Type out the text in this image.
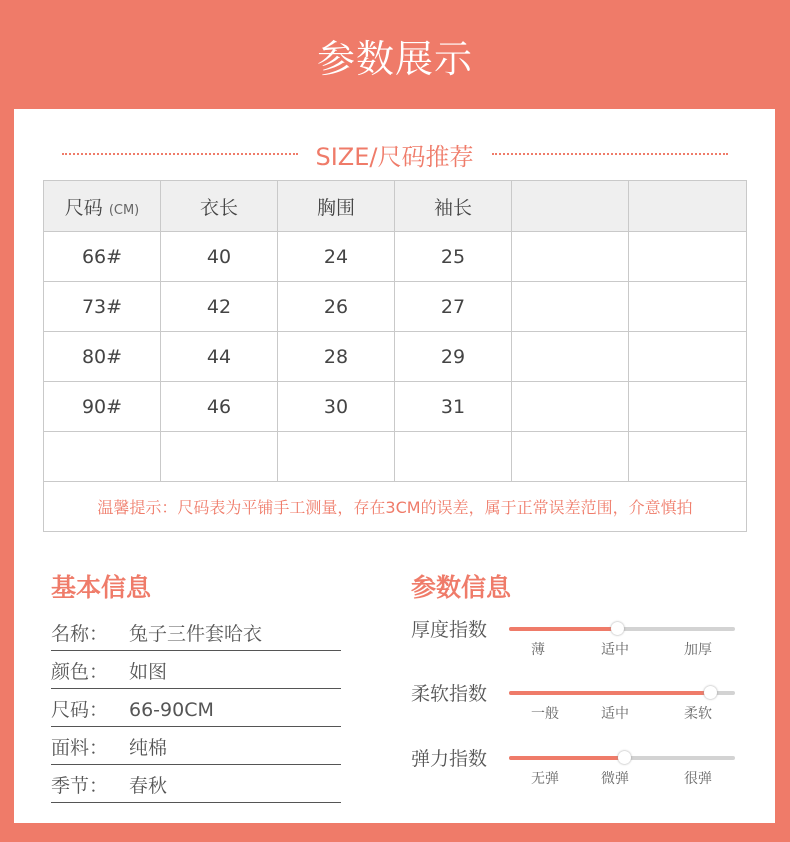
参数展示
SIZE/尺码推荐
尺码 (CM)	衣长	胸围	袖长		
66#	40	24	25		
73#	42	26	27		
80#	44	28	29		
90#	46	30	31		

温馨提示：尺码表为平铺手工测量，存在3CM的误差，属于正常误差范围，介意慎拍					
基本信息
名称： 兔子三件套哈衣
颜色： 如图
尺码： 66-90CM
面料： 纯棉
季节： 春秋
参数信息
厚度指数
薄	适中	加厚
柔软指数
一般	适中	柔软
弹力指数
无弹	微弹	很弹
